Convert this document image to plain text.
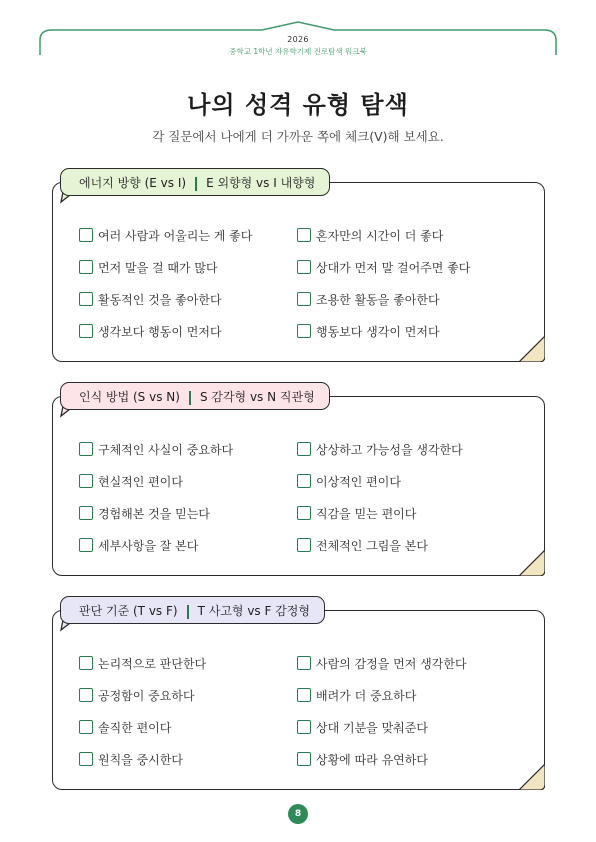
2026
중학교 1학년 자유학기제 진로탐색 워크북
나의 성격 유형 탐색
각 질문에서 나에게 더 가까운 쪽에 체크(V)해 보세요.
여러 사람과 어울리는 게 좋다
먼저 말을 걸 때가 많다
활동적인 것을 좋아한다
생각보다 행동이 먼저다
혼자만의 시간이 더 좋다
상대가 먼저 말 걸어주면 좋다
조용한 활동을 좋아한다
행동보다 생각이 먼저다
에너지 방향 (E vs I) E 외향형 vs I 내향형
구체적인 사실이 중요하다
현실적인 편이다
경험해본 것을 믿는다
세부사항을 잘 본다
상상하고 가능성을 생각한다
이상적인 편이다
직감을 믿는 편이다
전체적인 그림을 본다
인식 방법 (S vs N) S 감각형 vs N 직관형
논리적으로 판단한다
공정함이 중요하다
솔직한 편이다
원칙을 중시한다
사람의 감정을 먼저 생각한다
배려가 더 중요하다
상대 기분을 맞춰준다
상황에 따라 유연하다
판단 기준 (T vs F) T 사고형 vs F 감정형
8
